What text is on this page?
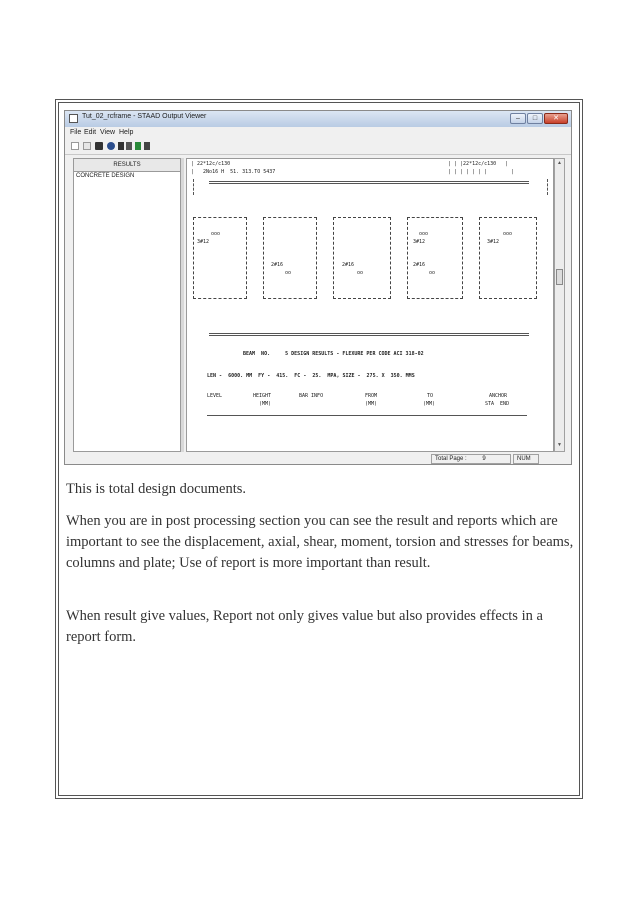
Tut_02_rcframe - STAAD Output Viewer	‒	□	✕
File Edit View Help
RESULTS
CONCRETE DESIGN
| 22*12c/c130	| | |22*12c/c130   |
|   2No16 H  51. 313.TO 5437	| | | | | | |        |
ooo
3#12
2#16
oo
2#16
oo
ooo
3#12
2#16
oo
ooo
3#12
BEAM  NO.     5 DESIGN RESULTS - FLEXURE PER CODE ACI 318-02
LEN -  6000. MM  FY -  415.  FC -  25.  MPA, SIZE -  275. X  350. MMS
LEVEL	HEIGHT
(MM)
BAR INFO	FROM
(MM)
TO
(MM)
ANCHOR
STA  END
▲
▼
Total Page :	9	NUM

This is total design documents.

When you are in post processing section you can see the result and reports which are important to see the displacement, axial, shear, moment, torsion and stresses for beams, columns and plate; Use of report is more important than result.

When result give values, Report not only gives value but also provides effects in a report form.
